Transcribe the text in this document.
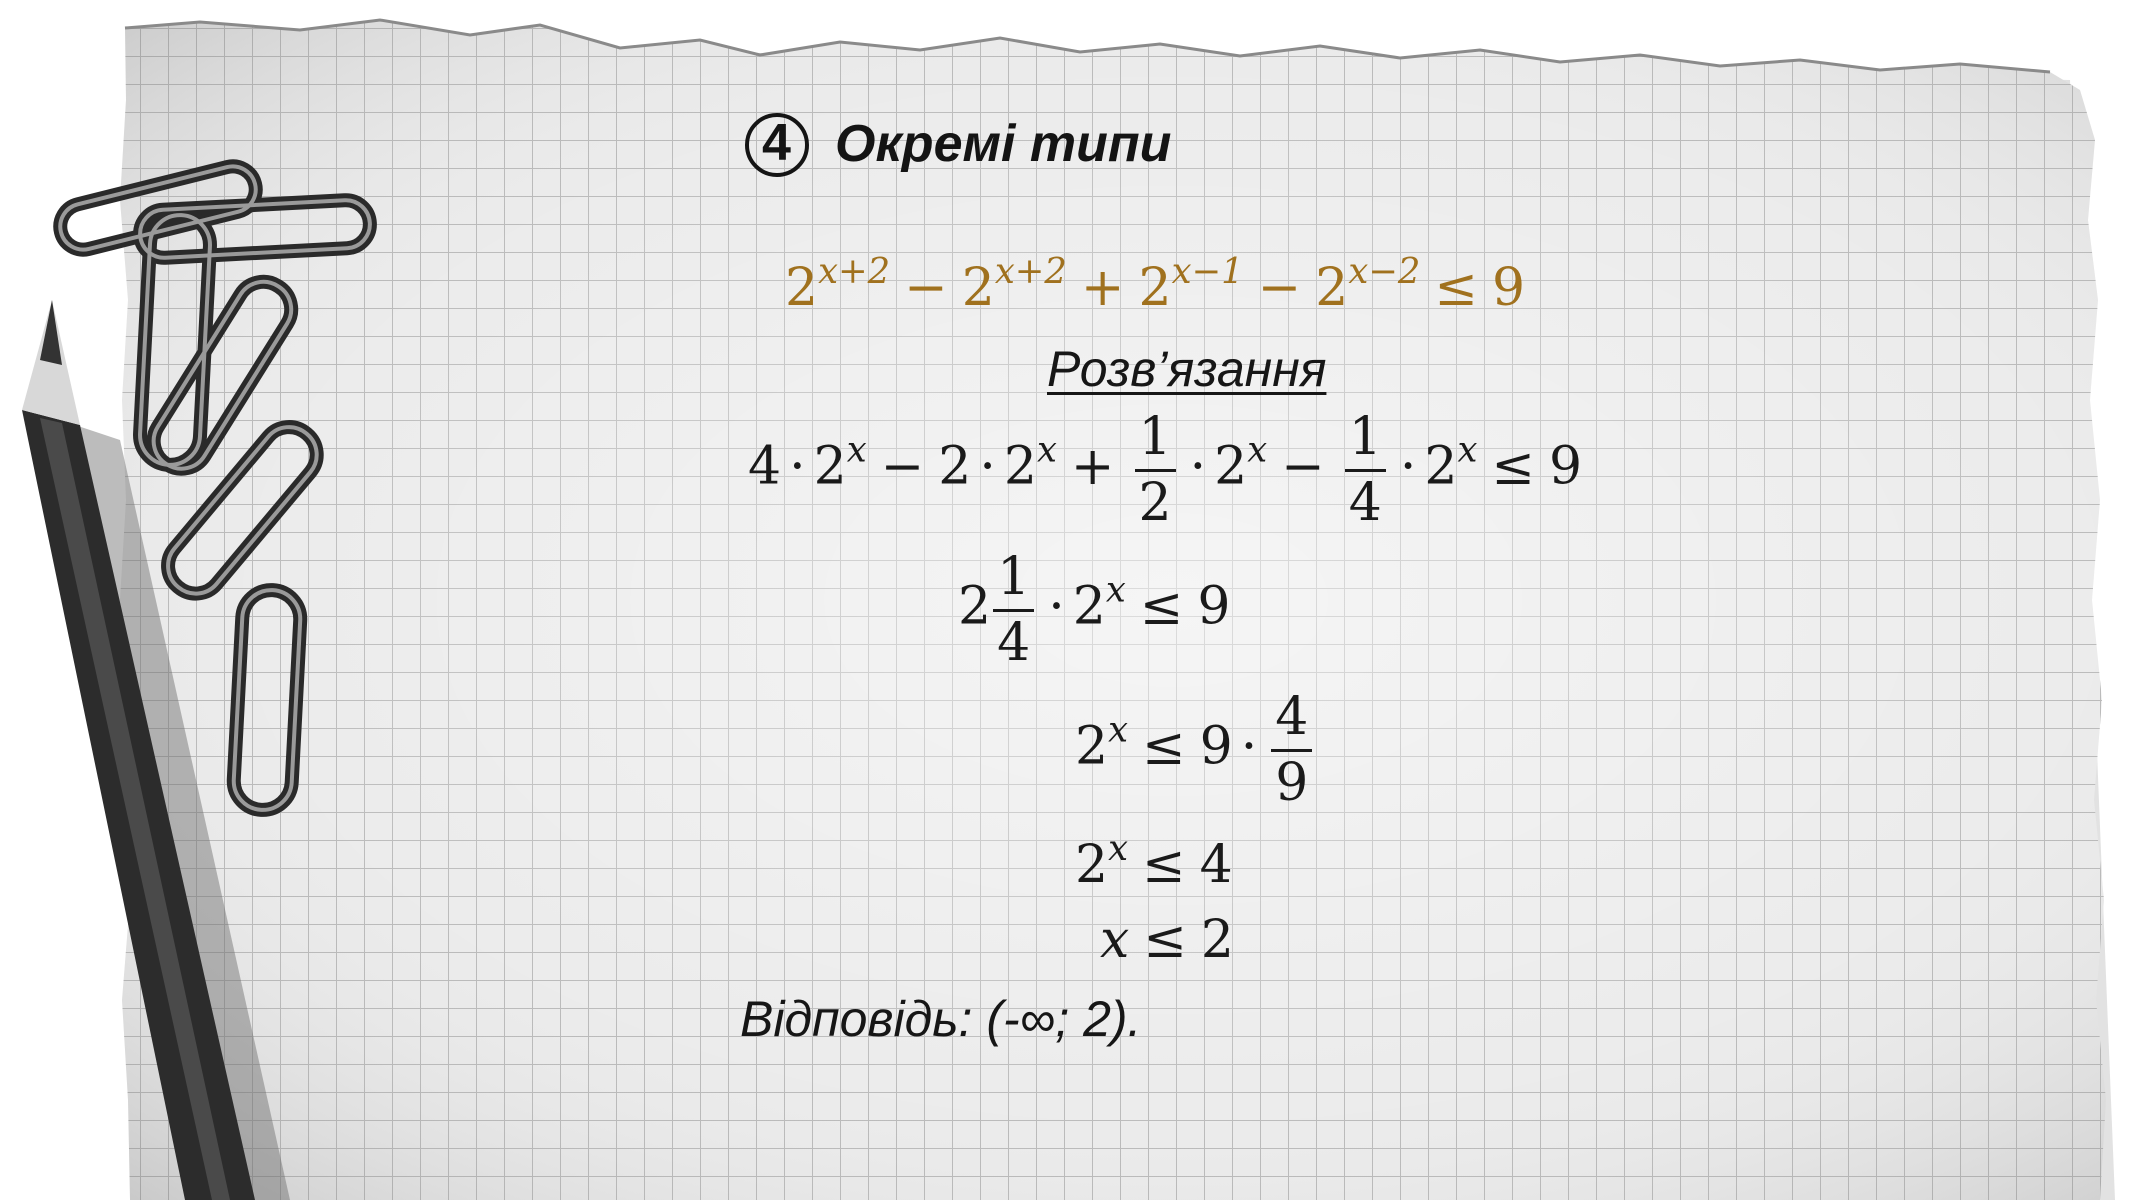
4 Окремі типи
$2^{x+2} - 2^{x+2} + 2^{x-1} - 2^{x-2} \le 9$
Розв’язання
$4 \cdot 2^x - 2 \cdot 2^x + \frac{1}{2} \cdot 2^x - \frac{1}{4} \cdot 2^x \le 9$
$2 \frac{1}{4} \cdot 2^x \le 9$
$2^x \le 9 \cdot \frac{4}{9}$
$2^x \le 4$
x ≤ 2
Відповідь: (-∞; 2).
